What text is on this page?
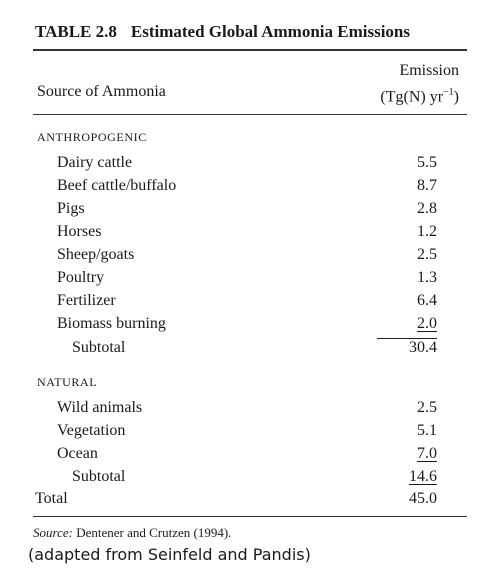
TABLE 2.8 Estimated Global Ammonia Emissions
Source of Ammonia
Emission
(Tg(N) $yr^{-1}$)
ANTHROPOGENIC
Dairy cattle	5.5
Beef cattle/buffalo	8.7
Pigs	2.8
Horses	1.2
Sheep/goats	2.5
Poultry	1.3
Fertilizer	6.4
Biomass burning	2.0
Subtotal	30.4
NATURAL
Wild animals	2.5
Vegetation	5.1
Ocean	7.0
Subtotal	14.6
Total	45.0
Source: Dentener and Crutzen (1994).
(adapted from Seinfeld and Pandis)
